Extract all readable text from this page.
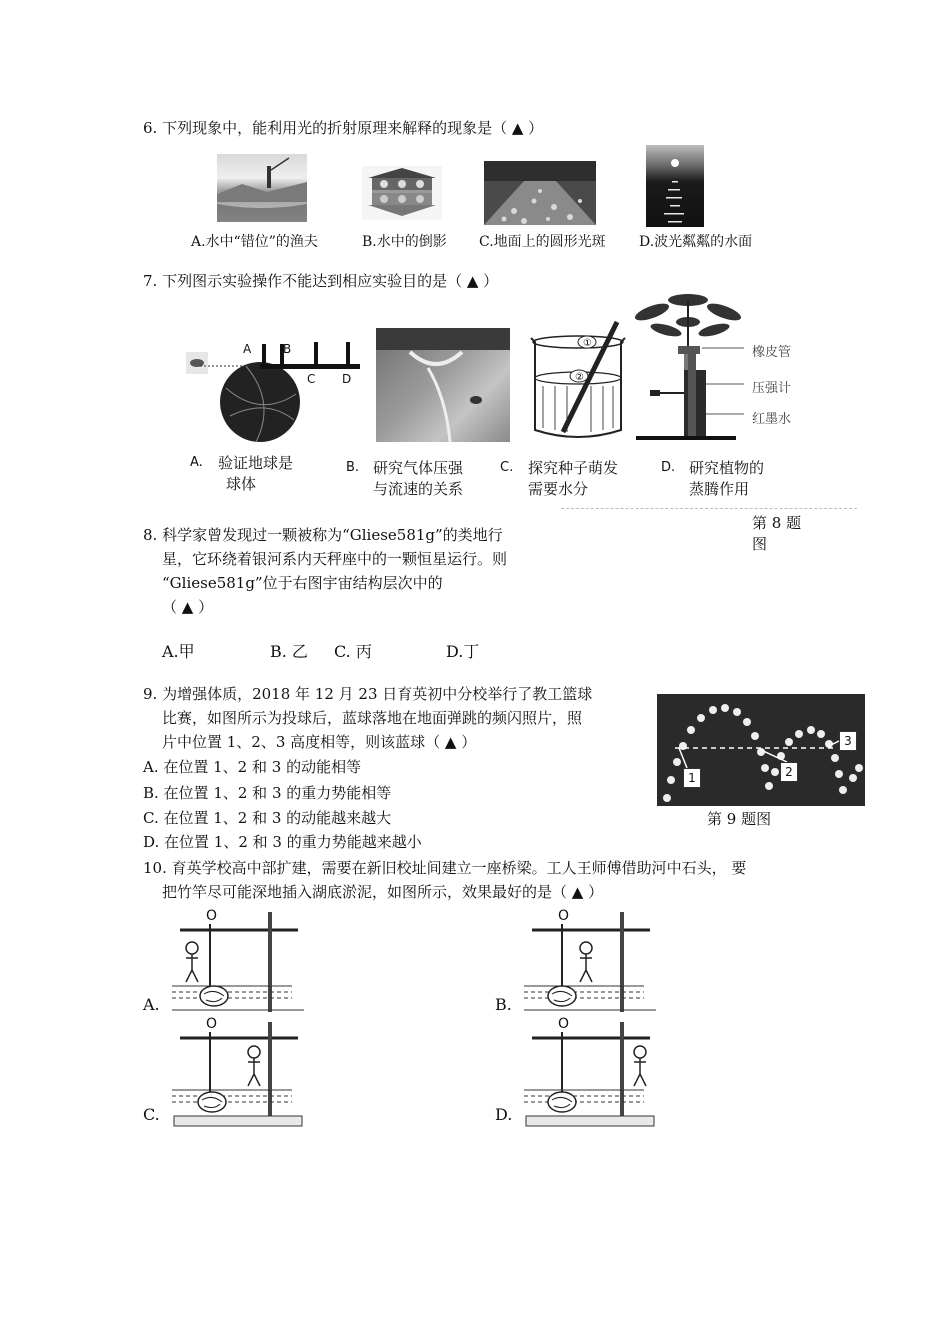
6. 下列现象中，能利用光的折射原理来解释的现象是（ ▲ ）
A.水中“错位”的渔夫	B.水中的倒影 C.地面上的圆形光斑 D.波光粼粼的水面
7. 下列图示实验操作不能达到相应实验目的是（ ▲ ）
A	B
C D
①
②
橡皮管
压强计
红墨水
A. 验证地球是
球体
B. 研究气体压强
与流速的关系
C. 探究种子萌发
需要水分
D. 研究植物的
蒸腾作用
8. 科学家曾发现过一颗被称为“Gliese581g”的类地行
星，它环绕着银河系内天秤座中的一颗恒星运行。则
“Gliese581g”位于右图宇宙结构层次中的
（ ▲ ）
第 8 题
图
A.甲	B. 乙 C. 丙	D.丁
9. 为增强体质，2018 年 12 月 23 日育英初中分校举行了教工篮球
比赛，如图所示为投球后，蓝球落地在地面弹跳的频闪照片，照
片中位置 1、2、3 高度相等，则该蓝球（ ▲ ）
A. 在位置 1、2 和 3 的动能相等
B. 在位置 1、2 和 3 的重力势能相等
C. 在位置 1、2 和 3 的动能越来越大
D. 在位置 1、2 和 3 的重力势能越来越小
1	2
3
第 9 题图
10. 育英学校高中部扩建，需要在新旧校址间建立一座桥梁。工人王师傅借助河中石头， 要
把竹竿尽可能深地插入湖底淤泥，如图所示，效果最好的是（ ▲ ）
O
A.
O
B.
O
C.
O
D.
